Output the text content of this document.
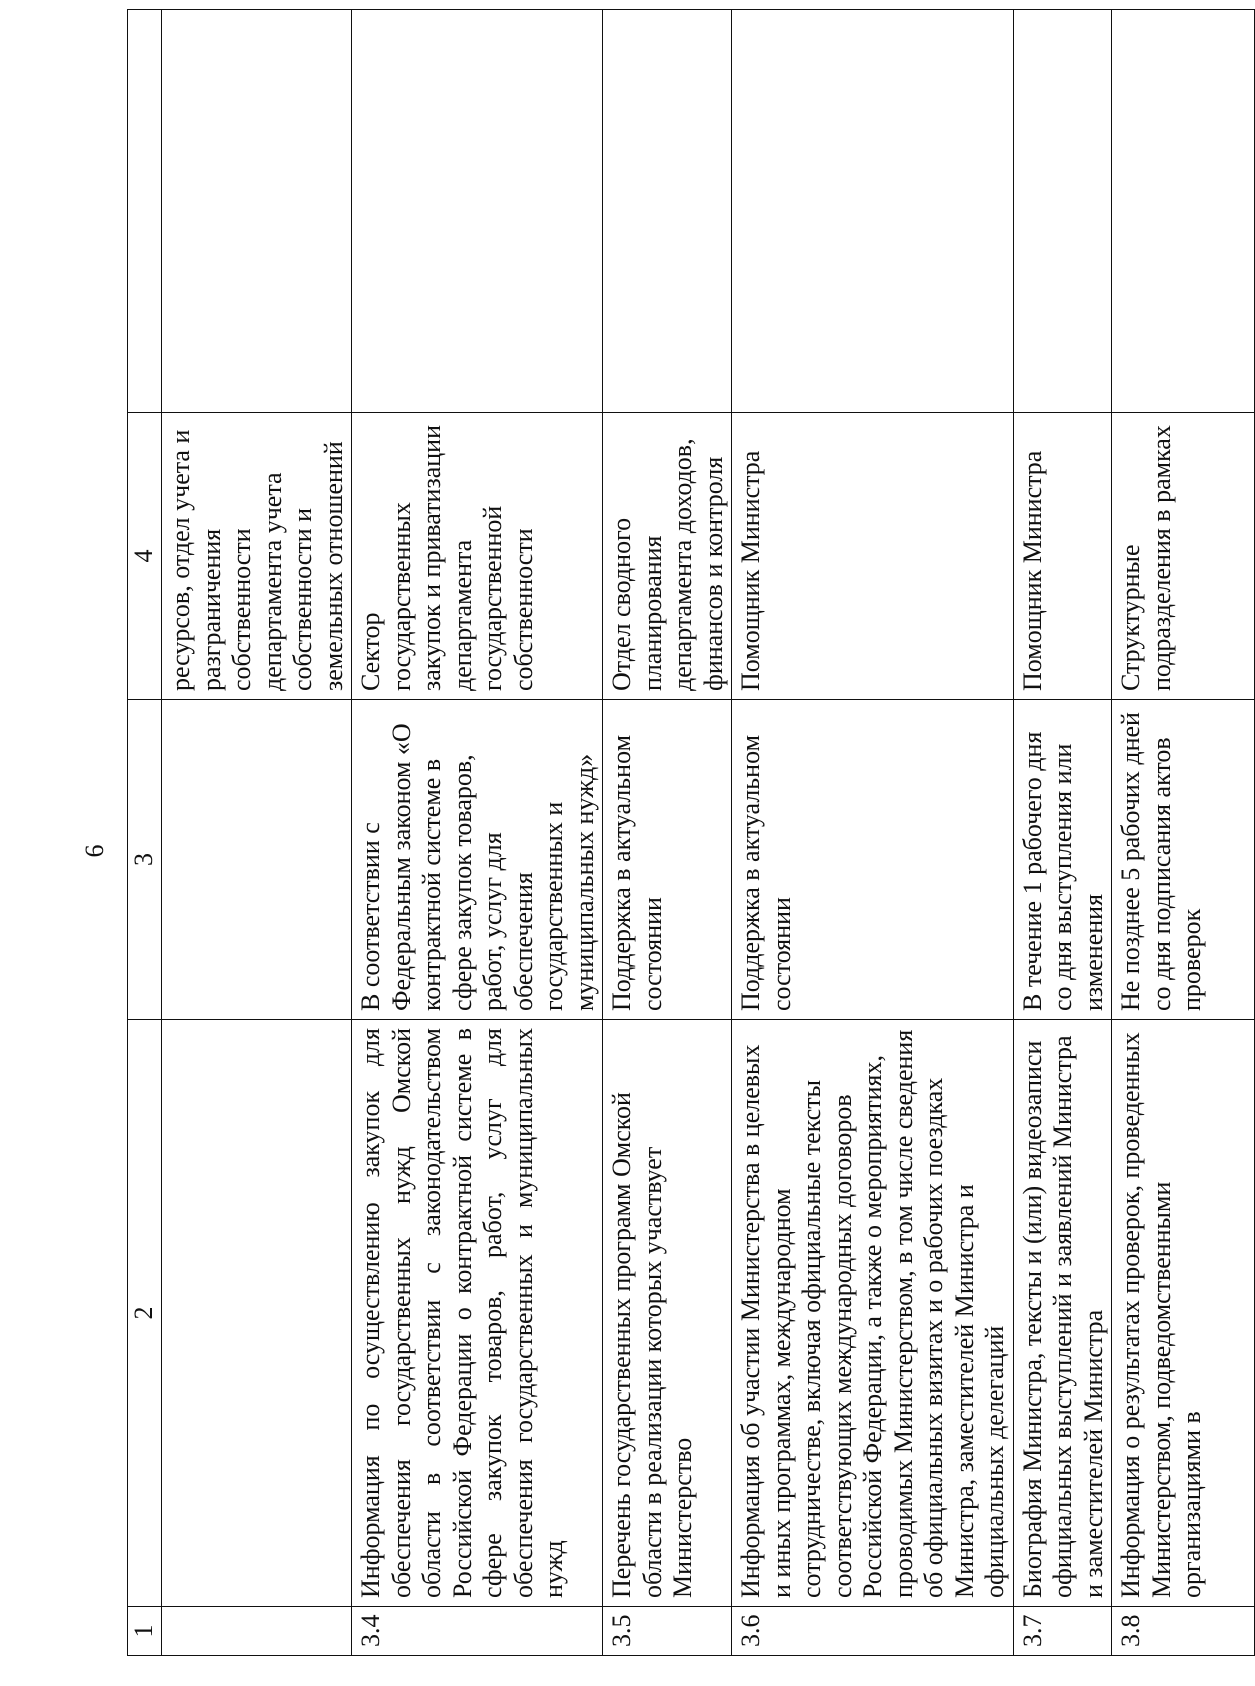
6
1	2	3	4	
			ресурсов, отдел учета и разграничения собственности департамента учета собственности и земельных отношений	
3.4	Информация по осуществлению закупок для обеспечения государственных нужд Омской области в соответствии с законодательством Российской Федерации о контрактной системе в сфере закупок товаров, работ, услуг для обеспечения государственных и муниципальных нужд	В соответствии с Федеральным законом «О контрактной системе в сфере закупок товаров, работ, услуг для обеспечения государственных и муниципальных нужд»	Сектор государственных закупок и приватизации департамента государственной собственности	
3.5	Перечень государственных программ Омской области в реализации которых участвует Министерство	Поддержка в актуальном состоянии	Отдел сводного планирования департамента доходов, финансов и контроля	
3.6	Информация об участии Министерства в целевых и иных программах, международном сотрудничестве, включая официальные тексты соответствующих международных договоров Российской Федерации, а также о мероприятиях, проводимых Министерством, в том числе сведения об официальных визитах и о рабочих поездках Министра, заместителей Министра и официальных делегаций	Поддержка в актуальном состоянии	Помощник Министра	
3.7	Биография Министра, тексты и (или) видеозаписи официальных выступлений и заявлений Министра и заместителей Министра	В течение 1 рабочего дня со дня выступления или изменения	Помощник Министра	
3.8	Информация о результатах проверок, проведенных Министерством, подведомственными организациями в	Не позднее 5 рабочих дней со дня подписания актов проверок	Структурные подразделения в рамках	
